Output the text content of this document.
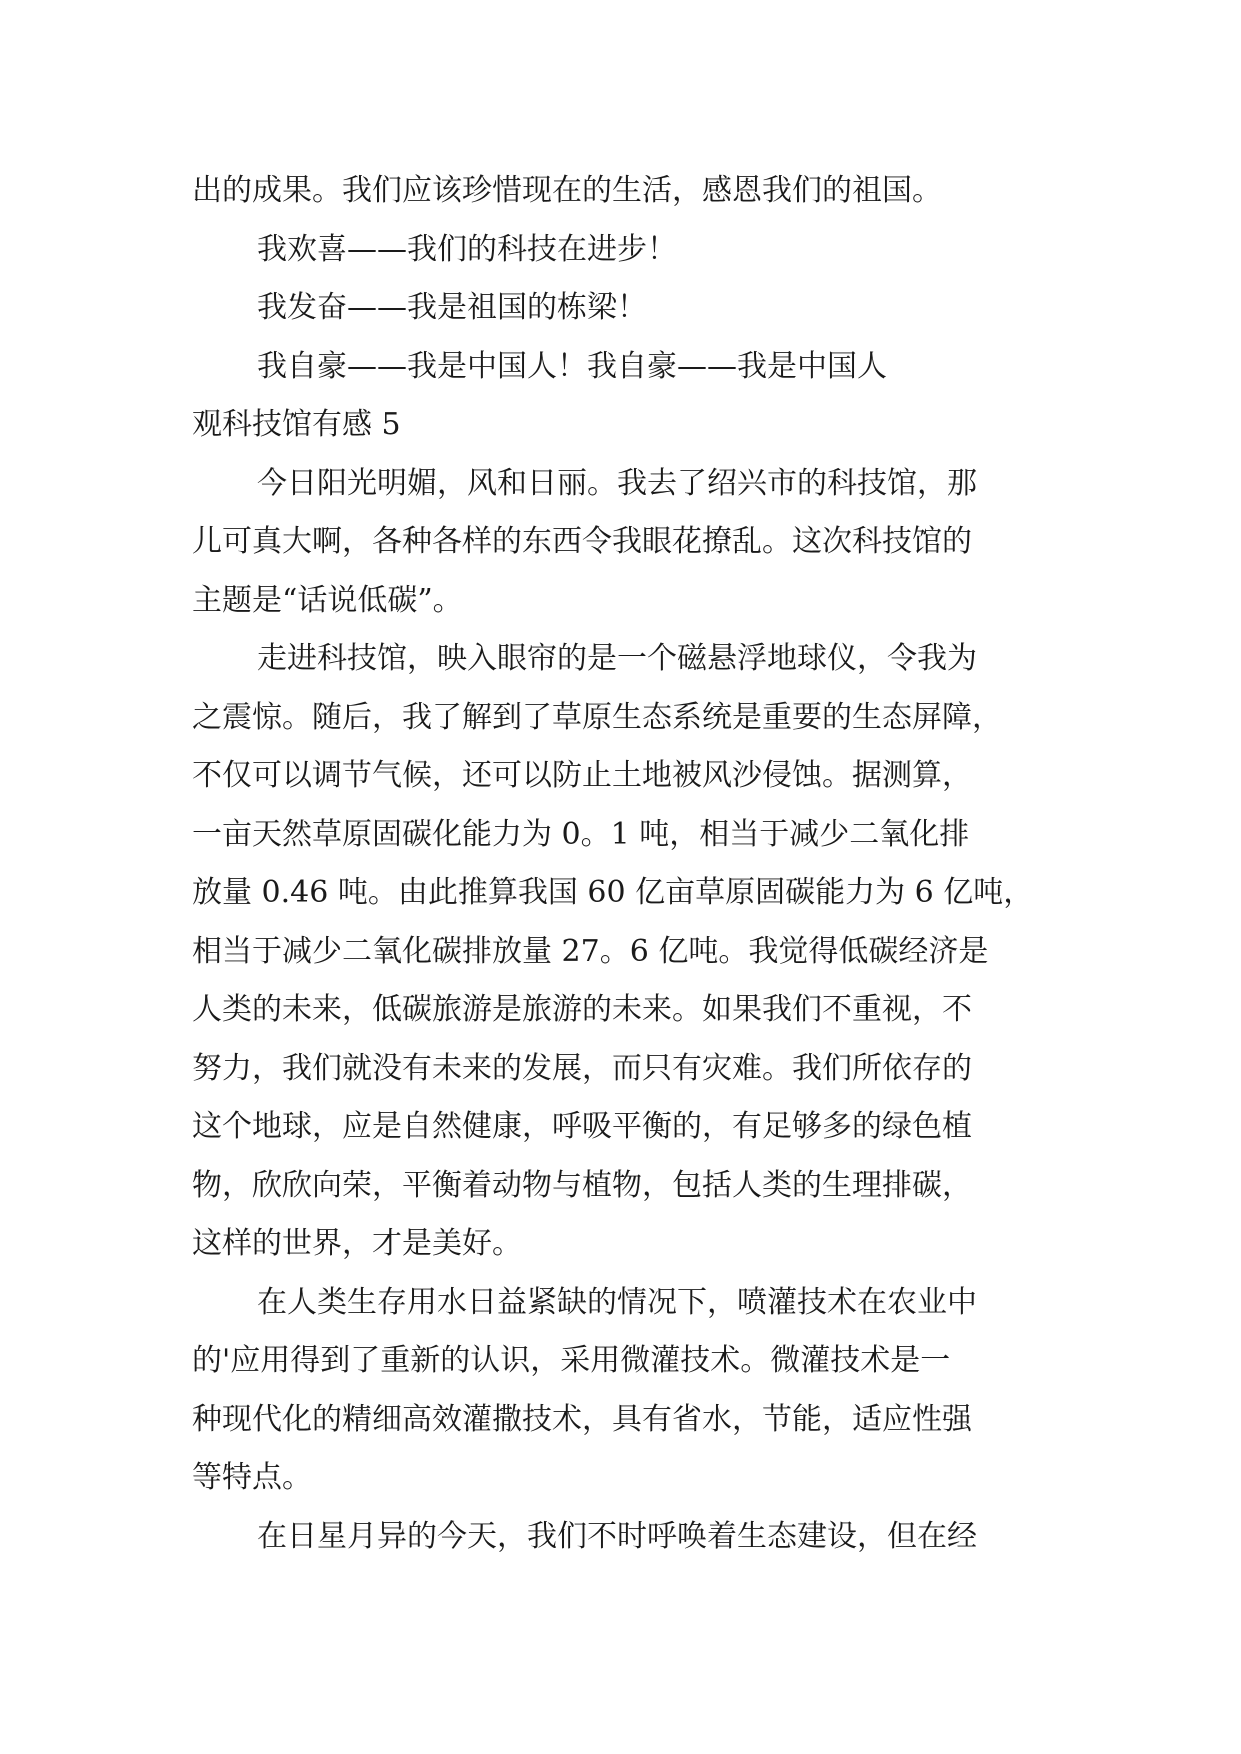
出的成果。我们应该珍惜现在的生活，感恩我们的祖国。
我欢喜——我们的科技在进步！
我发奋——我是祖国的栋梁！
我自豪——我是中国人！我自豪——我是中国人
观科技馆有感 5
今日阳光明媚，风和日丽。我去了绍兴市的科技馆，那
儿可真大啊，各种各样的东西令我眼花撩乱。这次科技馆的
主题是“话说低碳”。
走进科技馆，映入眼帘的是一个磁悬浮地球仪，令我为
之震惊。随后，我了解到了草原生态系统是重要的生态屏障，
不仅可以调节气候，还可以防止土地被风沙侵蚀。据测算，
一亩天然草原固碳化能力为 0。1 吨，相当于减少二氧化排
放量 0.46 吨。由此推算我国 60 亿亩草原固碳能力为 6 亿吨，
相当于减少二氧化碳排放量 27。6 亿吨。我觉得低碳经济是
人类的未来，低碳旅游是旅游的未来。如果我们不重视，不
努力，我们就没有未来的发展，而只有灾难。我们所依存的
这个地球，应是自然健康，呼吸平衡的，有足够多的绿色植
物，欣欣向荣，平衡着动物与植物，包括人类的生理排碳，
这样的世界，才是美好。
在人类生存用水日益紧缺的情况下，喷灌技术在农业中
的'应用得到了重新的认识，采用微灌技术。微灌技术是一
种现代化的精细高效灌撒技术，具有省水，节能，适应性强
等特点。
在日星月异的今天，我们不时呼唤着生态建设，但在经
